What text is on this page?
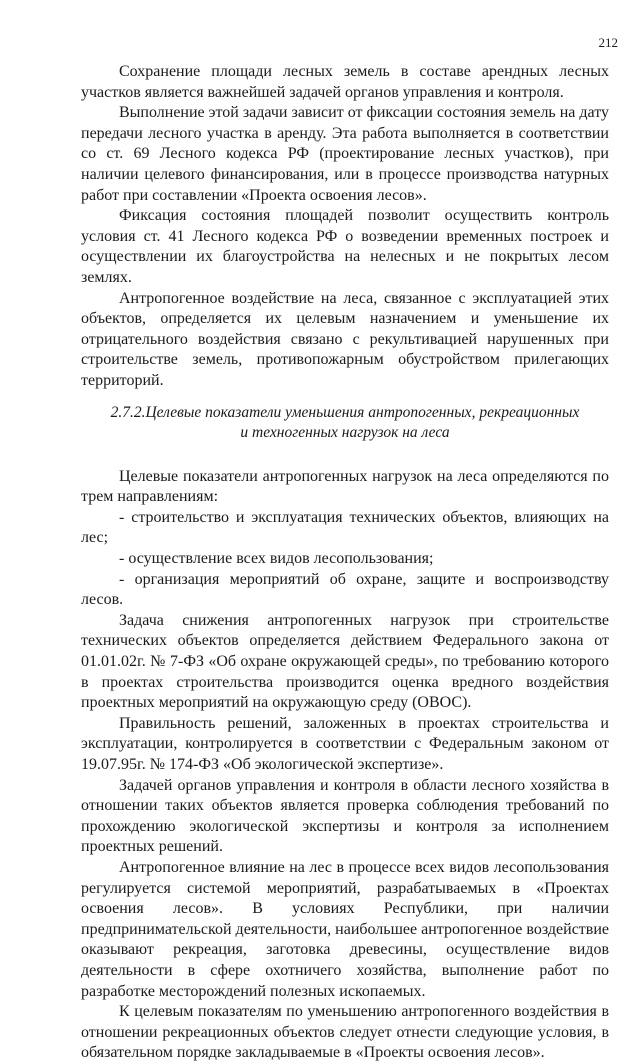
212

Сохранение площади лесных земель в составе арендных лесных участков является важнейшей задачей органов управления и контроля.

Выполнение этой задачи зависит от фиксации состояния земель на дату передачи лесного участка в аренду. Эта работа выполняется в соответствии со ст. 69 Лесного кодекса РФ (проектирование лесных участков), при наличии целевого финансирования, или в процессе производства натурных работ при составлении «Проекта освоения лесов».

Фиксация состояния площадей позволит осуществить контроль условия ст. 41 Лесного кодекса РФ о возведении временных построек и осуществлении их благоустройства на нелесных и не покрытых лесом землях.

Антропогенное воздействие на леса, связанное с эксплуатацией этих объектов, определяется их целевым назначением и уменьшение их отрицательного воздействия связано с рекультивацией нарушенных при строительстве земель, противопожарным обустройством прилегающих территорий.

2.7.2.Целевые показатели уменьшения антропогенных, рекреационных
и техногенных нагрузок на леса

Целевые показатели антропогенных нагрузок на леса определяются по трем направлениям:

- строительство и эксплуатация технических объектов, влияющих на лес;

- осуществление всех видов лесопользования;

- организация мероприятий об охране, защите и воспроизводству лесов.

Задача снижения антропогенных нагрузок при строительстве технических объектов определяется действием Федерального закона от 01.01.02г. № 7-ФЗ «Об охране окружающей среды», по требованию которого в проектах строительства производится оценка вредного воздействия проектных мероприятий на окружающую среду (ОВОС).

Правильность решений, заложенных в проектах строительства и эксплуатации, контролируется в соответствии с Федеральным законом от 19.07.95г. № 174-ФЗ «Об экологической экспертизе».

Задачей органов управления и контроля в области лесного хозяйства в отношении таких объектов является проверка соблюдения требований по прохождению экологической экспертизы и контроля за исполнением проектных решений.

Антропогенное влияние на лес в процессе всех видов лесопользования регулируется системой мероприятий, разрабатываемых в «Проектах освоения лесов». В условиях Республики, при наличии предпринимательской деятельности, наибольшее антропогенное воздействие оказывают рекреация, заготовка древесины, осуществление видов деятельности в сфере охотничего хозяйства, выполнение работ по разработке месторождений полезных ископаемых.

К целевым показателям по уменьшению антропогенного воздействия в отношении рекреационных объектов следует отнести следующие условия, в обязательном порядке закладываемые в «Проекты освоения лесов».
